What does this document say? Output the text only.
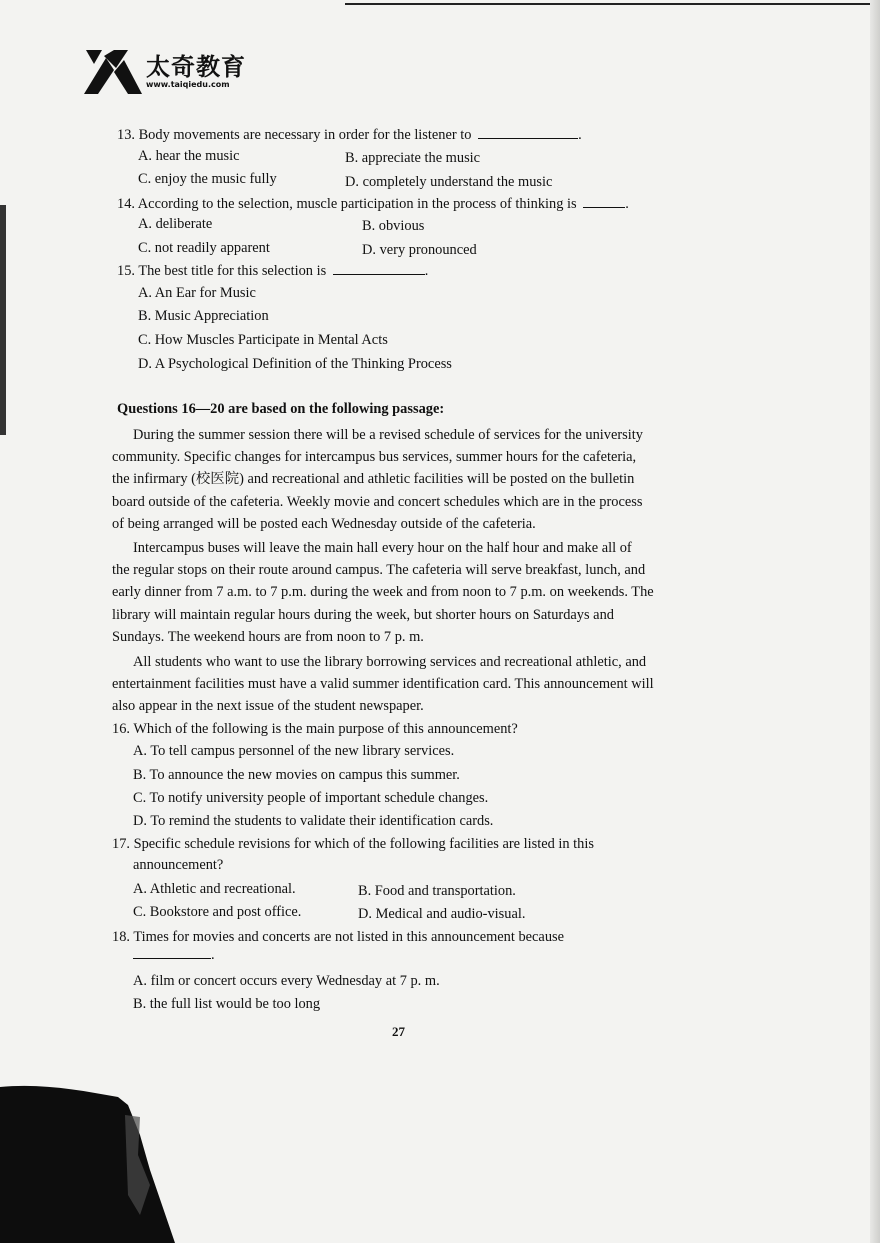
太奇教育
www.taiqiedu.com
13. Body movements are necessary in order for the listener to	.
A. hear the music	B. appreciate the music
C. enjoy the music fully	D. completely understand the music
14. According to the selection, muscle participation in the process of thinking is	.
A. deliberate	B. obvious
C. not readily apparent	D. very pronounced
15. The best title for this selection is	.
A. An Ear for Music
B. Music Appreciation
C. How Muscles Participate in Mental Acts
D. A Psychological Definition of the Thinking Process
Questions 16—20 are based on the following passage:
During the summer session there will be a revised schedule of services for the university
community. Specific changes for intercampus bus services, summer hours for the cafeteria,
the infirmary (校医院) and recreational and athletic facilities will be posted on the bulletin
board outside of the cafeteria. Weekly movie and concert schedules which are in the process
of being arranged will be posted each Wednesday outside of the cafeteria.
Intercampus buses will leave the main hall every hour on the half hour and make all of
the regular stops on their route around campus. The cafeteria will serve breakfast, lunch, and
early dinner from 7 a.m. to 7 p.m. during the week and from noon to 7 p.m. on weekends. The
library will maintain regular hours during the week, but shorter hours on Saturdays and
Sundays. The weekend hours are from noon to 7 p. m.
All students who want to use the library borrowing services and recreational athletic, and
entertainment facilities must have a valid summer identification card. This announcement will
also appear in the next issue of the student newspaper.
16. Which of the following is the main purpose of this announcement?
A. To tell campus personnel of the new library services.
B. To announce the new movies on campus this summer.
C. To notify university people of important schedule changes.
D. To remind the students to validate their identification cards.
17. Specific schedule revisions for which of the following facilities are listed in this
announcement?
A. Athletic and recreational.	B. Food and transportation.
C. Bookstore and post office.	D. Medical and audio-visual.
18. Times for movies and concerts are not listed in this announcement because
.
A. film or concert occurs every Wednesday at 7 p. m.
B. the full list would be too long
27
